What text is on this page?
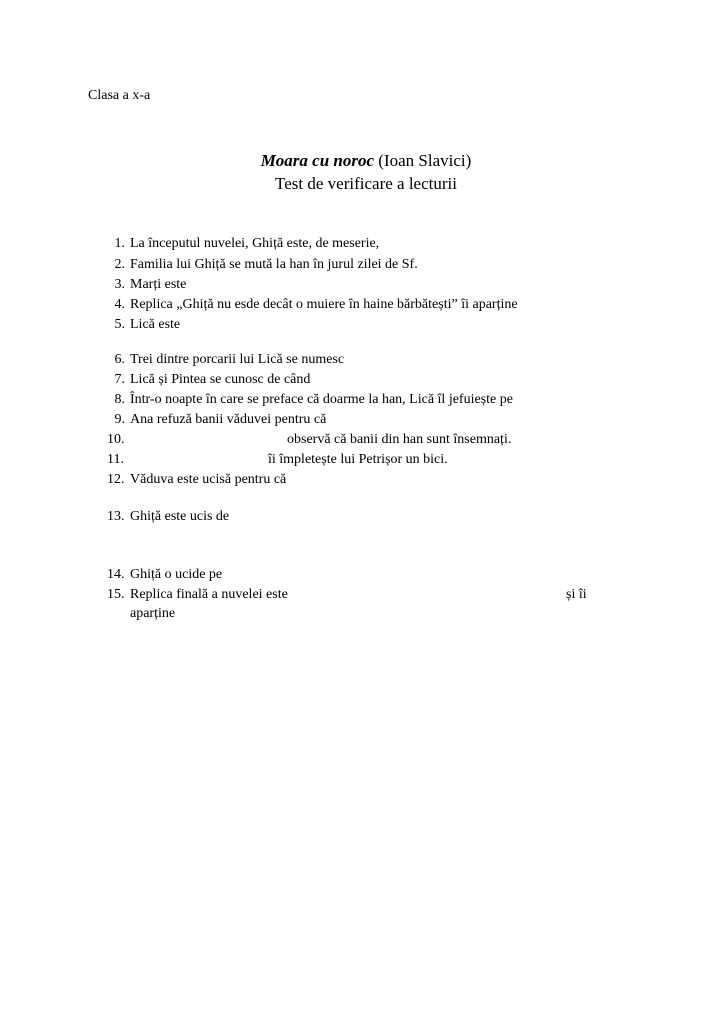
Clasa a x-a
Moara cu noroc (Ioan Slavici)
Test de verificare a lecturii
1. La începutul nuvelei, Ghiță este, de meserie,
2. Familia lui Ghiță se mută la han în jurul zilei de Sf.
3. Marți este
4. Replica „Ghiță nu esde decât o muiere în haine bărbătești” îi aparține
5. Lică este
6. Trei dintre porcarii lui Lică se numesc
7. Lică și Pintea se cunosc de când
8. Într-o noapte în care se preface că doarme la han, Lică îl jefuiește pe
9. Ana refuză banii văduvei pentru că
10.	observă că banii din han sunt însemnați.
11.	îi împletește lui Petrișor un bici.
12. Văduva este ucisă pentru că
13. Ghiță este ucis de
14. Ghiță o ucide pe
15. Replica finală a nuvelei este	și îi
aparține
